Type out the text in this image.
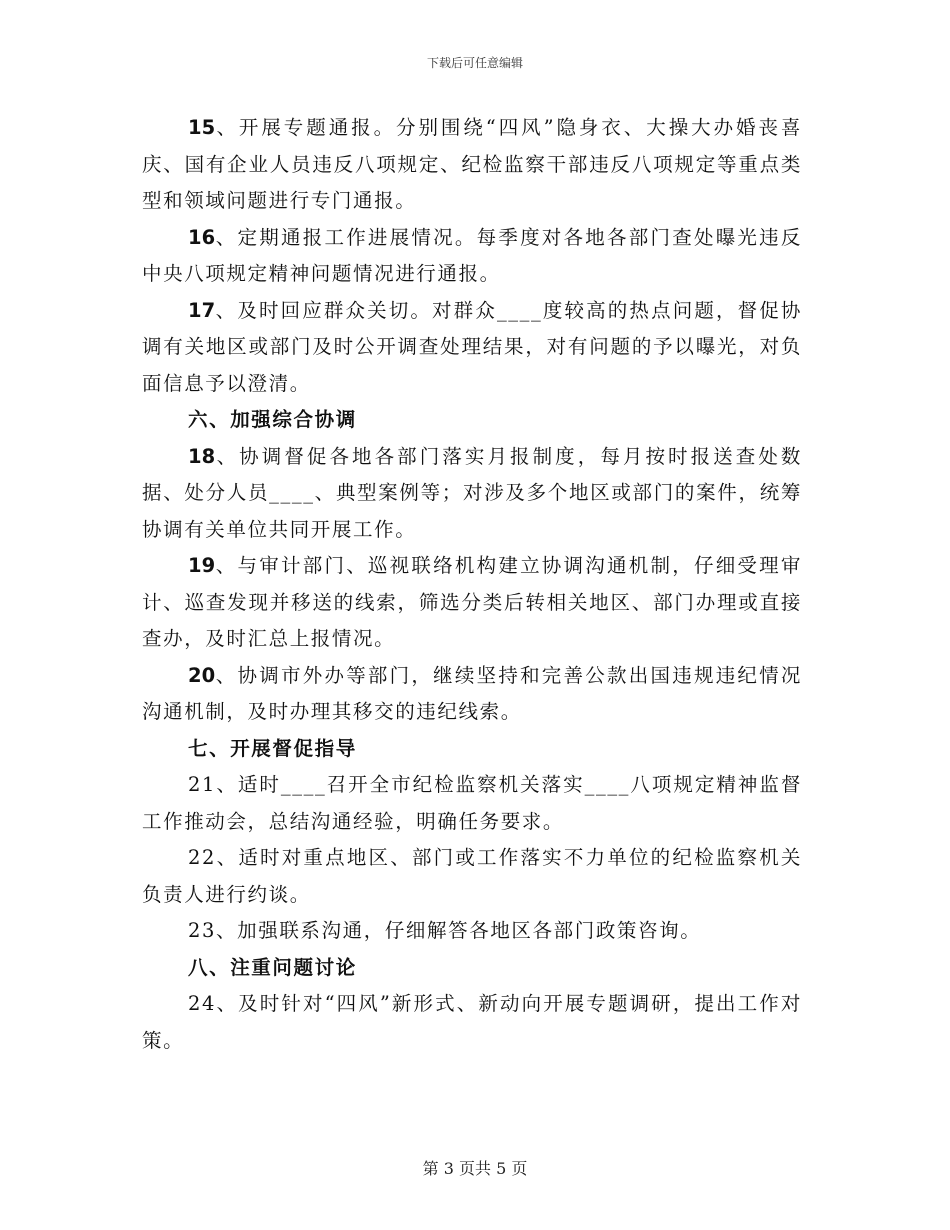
下载后可任意编辑

15、开展专题通报。分别围绕“四风”隐身衣、大操大办婚丧喜庆、国有企业人员违反八项规定、纪检监察干部违反八项规定等重点类型和领域问题进行专门通报。

16、定期通报工作进展情况。每季度对各地各部门查处曝光违反中央八项规定精神问题情况进行通报。

17、及时回应群众关切。对群众____度较高的热点问题，督促协调有关地区或部门及时公开调查处理结果，对有问题的予以曝光，对负面信息予以澄清。

六、加强综合协调

18、协调督促各地各部门落实月报制度，每月按时报送查处数据、处分人员____、典型案例等；对涉及多个地区或部门的案件，统筹协调有关单位共同开展工作。

19、与审计部门、巡视联络机构建立协调沟通机制，仔细受理审计、巡查发现并移送的线索，筛选分类后转相关地区、部门办理或直接查办，及时汇总上报情况。

20、协调市外办等部门，继续坚持和完善公款出国违规违纪情况沟通机制，及时办理其移交的违纪线索。

七、开展督促指导

21、适时____召开全市纪检监察机关落实____八项规定精神监督工作推动会，总结沟通经验，明确任务要求。

22、适时对重点地区、部门或工作落实不力单位的纪检监察机关负责人进行约谈。

23、加强联系沟通，仔细解答各地区各部门政策咨询。

八、注重问题讨论

24、及时针对“四风”新形式、新动向开展专题调研，提出工作对策。

第 3 页共 5 页
